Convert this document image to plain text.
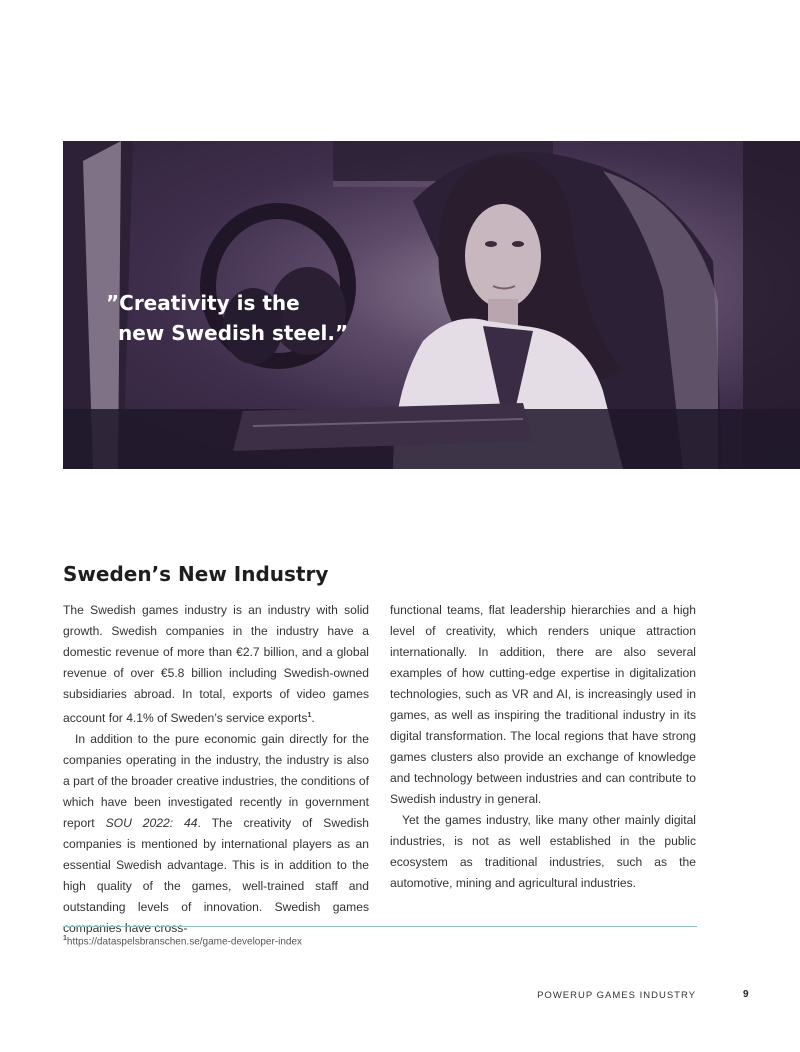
”Creativity is the
new Swedish steel.”
Sweden’s New Industry

The Swedish games industry is an industry with solid growth. Swedish companies in the industry have a domestic revenue of more than €2.7 billion, and a global revenue of over €5.8 billion including Swedish-owned subsidiaries abroad. In total, exports of video games account for 4.1% of Sweden’s service exports$^1$.

In addition to the pure economic gain directly for the companies operating in the industry, the industry is also a part of the broader creative industries, the conditions of which have been investigated recently in government report SOU 2022: 44. The creativity of Swedish companies is mentioned by international players as an essential Swedish advantage. This is in addition to the high quality of the games, well-trained staff and outstanding levels of innovation. Swedish games companies have cross-

functional teams, flat leadership hierarchies and a high level of creativity, which renders unique attraction internationally. In addition, there are also several examples of how cutting-edge expertise in digitalization technologies, such as VR and AI, is increasingly used in games, as well as inspiring the traditional industry in its digital transformation. The local regions that have strong games clusters also provide an exchange of knowledge and technology between industries and can contribute to Swedish industry in general.

Yet the games industry, like many other mainly digital industries, is not as well established in the public ecosystem as traditional industries, such as the automotive, mining and agricultural industries.

$^1$https://dataspelsbranschen.se/game-developer-index
POWERUP GAMES INDUSTRY	9
